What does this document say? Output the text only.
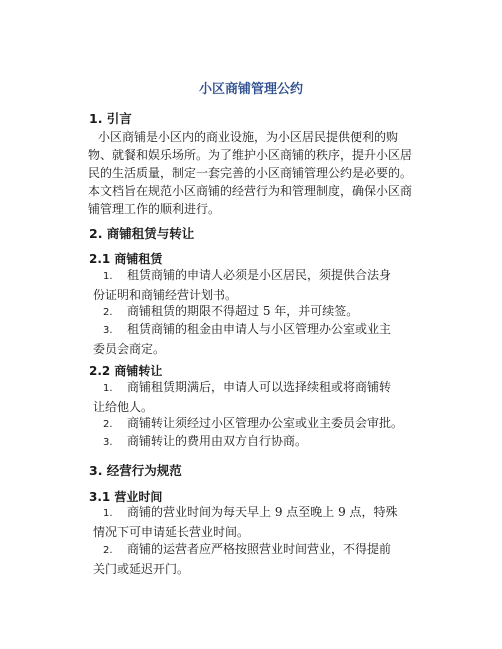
小区商铺管理公约
1. 引言
小区商铺是小区内的商业设施，为小区居民提供便利的购
物、就餐和娱乐场所。为了维护小区商铺的秩序，提升小区居
民的生活质量，制定一套完善的小区商铺管理公约是必要的。
本文档旨在规范小区商铺的经营行为和管理制度，确保小区商
铺管理工作的顺利进行。
2. 商铺租赁与转让
2.1 商铺租赁
1. 租赁商铺的申请人必须是小区居民，须提供合法身
份证明和商铺经营计划书。
2. 商铺租赁的期限不得超过 5 年，并可续签。
3. 租赁商铺的租金由申请人与小区管理办公室或业主
委员会商定。
2.2 商铺转让
1. 商铺租赁期满后，申请人可以选择续租或将商铺转
让给他人。
2. 商铺转让须经过小区管理办公室或业主委员会审批。
3. 商铺转让的费用由双方自行协商。
3. 经营行为规范
3.1 营业时间
1. 商铺的营业时间为每天早上 9 点至晚上 9 点，特殊
情况下可申请延长营业时间。
2. 商铺的运营者应严格按照营业时间营业，不得提前
关门或延迟开门。
